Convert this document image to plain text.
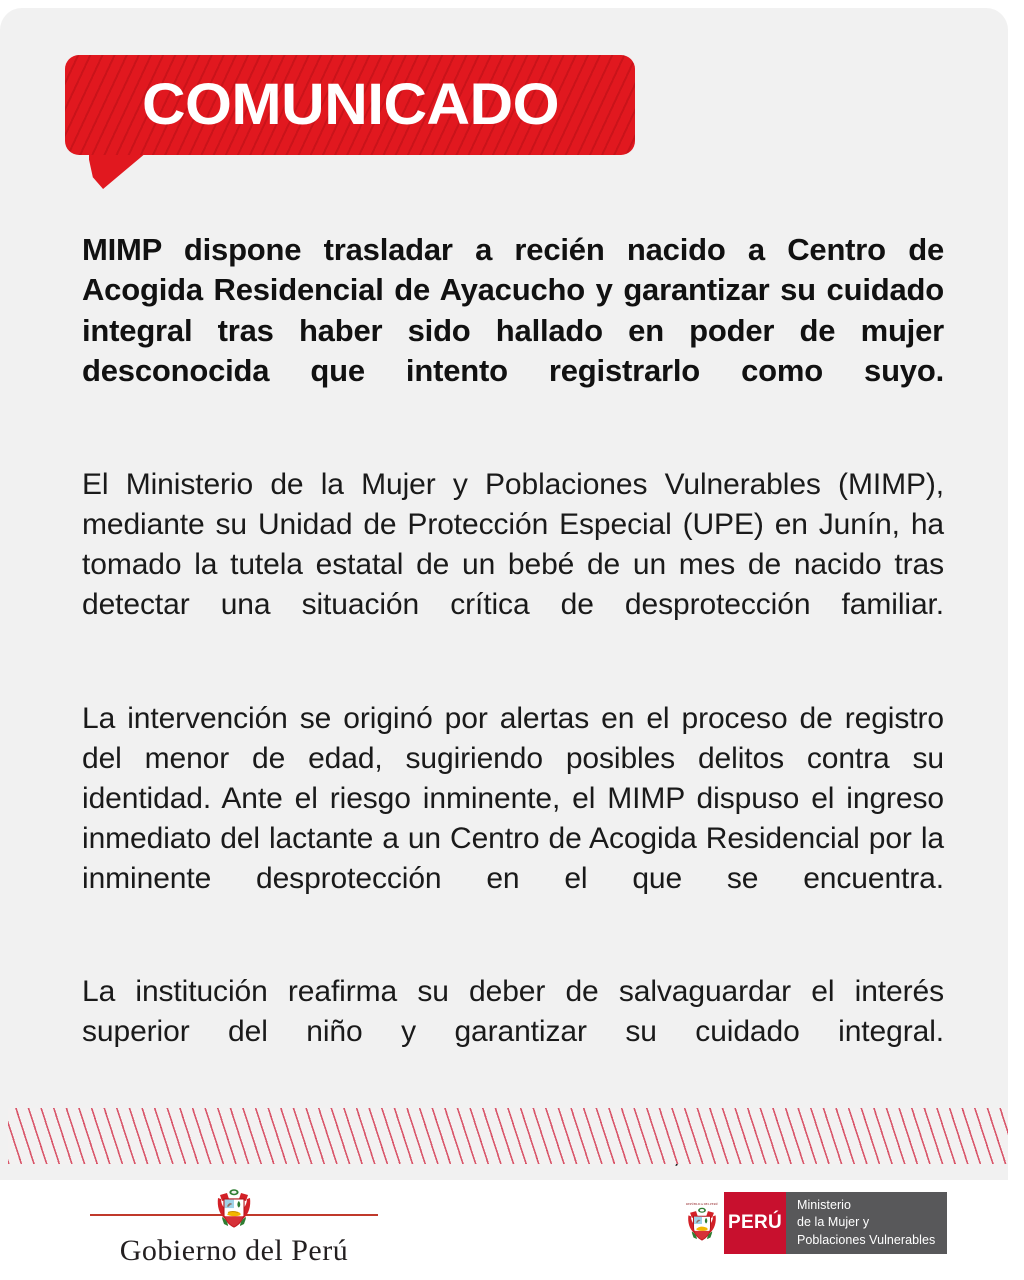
COMUNICADO
MIMP dispone trasladar a recién nacido a Centro de Acogida Residencial de Ayacucho y garantizar su cuidado integral tras haber sido hallado en poder de mujer desconocida que intento registrarlo como suyo.
El Ministerio de la Mujer y Poblaciones Vulnerables (MIMP), mediante su Unidad de Protección Especial (UPE) en Junín, ha tomado la tutela estatal de un bebé de un mes de nacido tras detectar una situación crítica de desprotección familiar.
La intervención se originó por alertas en el proceso de registro del menor de edad, sugiriendo posibles delitos contra su identidad. Ante el riesgo inminente, el MIMP dispuso el ingreso inmediato del lactante a un Centro de Acogida Residencial por la inminente desprotección en el que se encuentra.
La institución reafirma su deber de salvaguardar el interés superior del niño y garantizar su cuidado integral.
Gobierno del Perú
REPÚBLICA DEL PERÚ
PERÚ
Ministerio
de la Mujer y
Poblaciones Vulnerables
